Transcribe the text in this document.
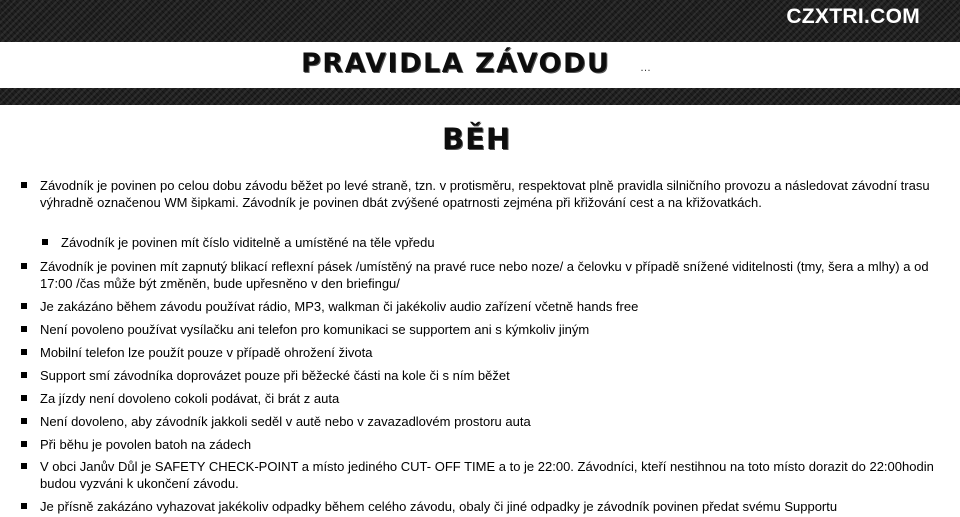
CZXTRI.COM
PRAVIDLA ZÁVODU	…
BĚH
Závodník je povinen po celou dobu závodu běžet po levé straně, tzn. v protisměru, respektovat plně pravidla silničního provozu a následovat závodní trasu výhradně označenou WM šipkami. Závodník je povinen dbát zvýšené opatrnosti zejména při křižování cest a na křižovatkách.
Závodník je povinen mít číslo viditelně a umístěné na těle vpředu
Závodník je povinen mít zapnutý blikací reflexní pásek /umístěný na pravé ruce nebo noze/ a čelovku v případě snížené viditelnosti (tmy, šera a mlhy) a od 17:00 /čas může být změněn, bude upřesněno v den briefingu/
Je zakázáno během závodu používat rádio, MP3, walkman či jakékoliv audio zařízení včetně hands free
Není povoleno používat vysílačku ani telefon pro komunikaci se supportem ani s kýmkoliv jiným
Mobilní telefon lze použít pouze v případě ohrožení života
Support smí závodníka doprovázet pouze při běžecké části na kole či s ním běžet
Za jízdy není dovoleno cokoli podávat, či brát z auta
Není dovoleno, aby závodník jakkoli seděl v autě nebo v zavazadlovém prostoru auta
Při běhu je povolen batoh na zádech
V obci Janův Důl je SAFETY CHECK-POINT a místo jediného CUT- OFF TIME a to je 22:00. Závodníci, kteří nestihnou na toto místo dorazit do 22:00hodin budou vyzváni k ukončení závodu.
Je přísně zakázáno vyhazovat jakékoliv odpadky během celého závodu, obaly či jiné odpadky je závodník povinen předat svému Supportu
